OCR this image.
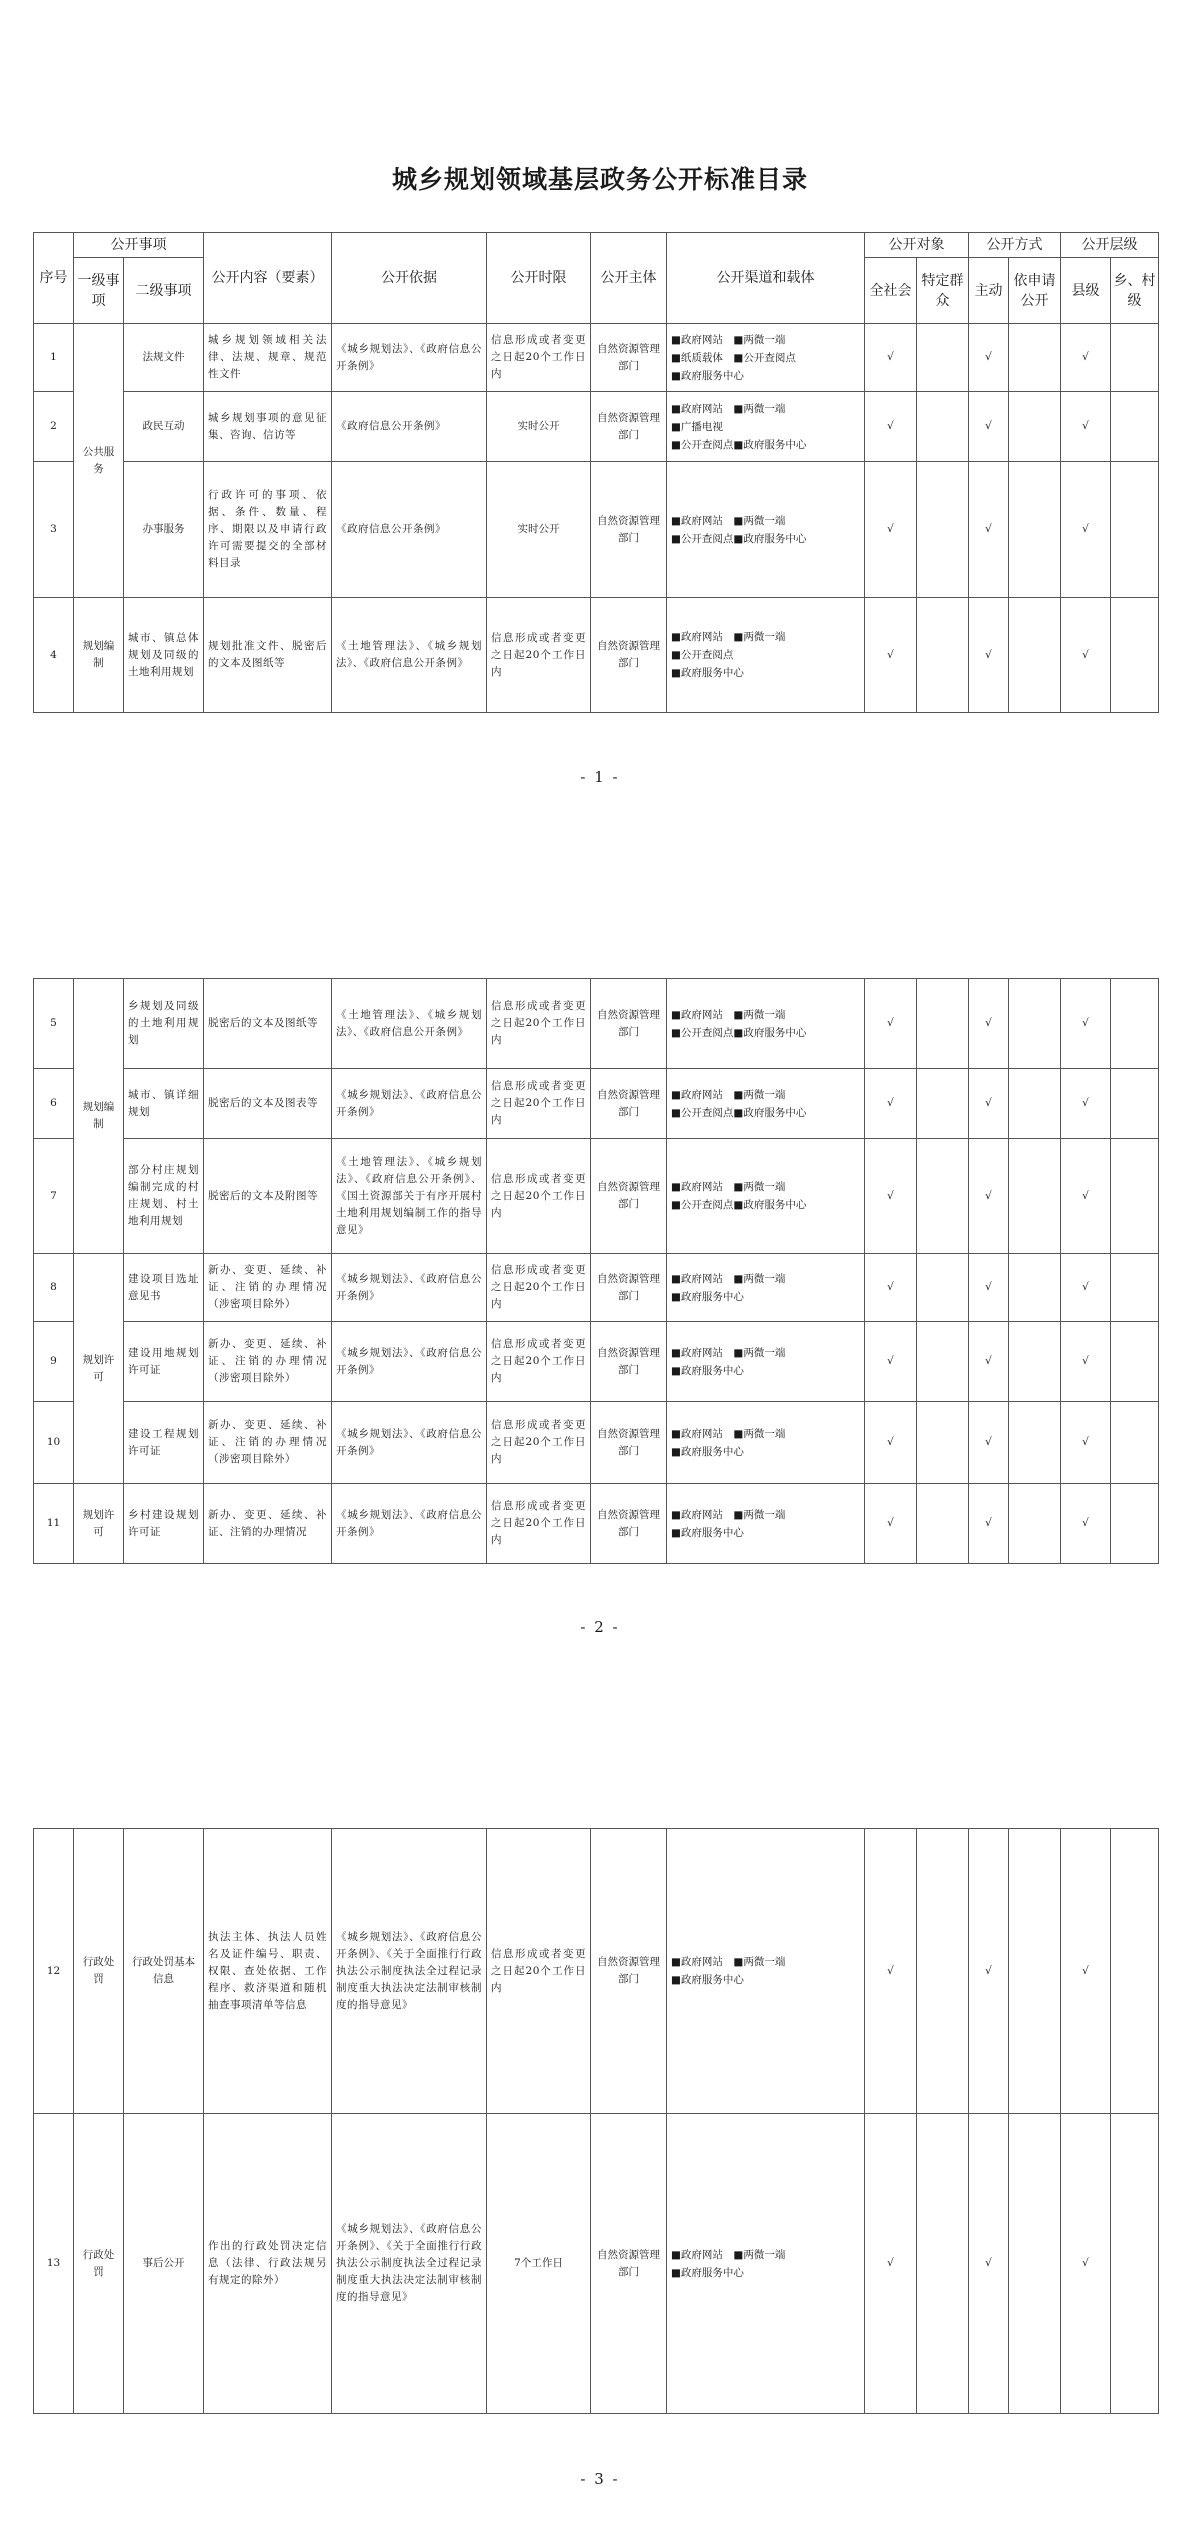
城乡规划领域基层政务公开标准目录
序号	公开事项		公开内容（要素）	公开依据	公开时限	公开主体	公开渠道和载体	公开对象		公开方式		公开层级	
	一级事项	二级事项						全社会	特定群众	主动	依申请公开	县级	乡、村级
1	公共服务	法规文件	城乡规划领域相关法律、法规、规章、规范性文件	《城乡规划法》、《政府信息公开条例》	信息形成或者变更之日起20个工作日内	自然资源管理部门	■政府网站　■两微一端
■纸质载体　■公开查阅点
■政府服务中心	√		√		√	
2		政民互动	城乡规划事项的意见征集、咨询、信访等	《政府信息公开条例》	实时公开	自然资源管理部门	■政府网站　■两微一端
■广播电视
■公开查阅点■政府服务中心	√		√		√	
3		办事服务	行政许可的事项、依据、条件、数量、程序、期限以及申请行政许可需要提交的全部材料目录	《政府信息公开条例》	实时公开	自然资源管理部门	■政府网站　■两微一端
■公开查阅点■政府服务中心	√		√		√	
4	规划编制	城市、镇总体规划及同级的土地利用规划	规划批准文件、脱密后的文本及图纸等	《土地管理法》、《城乡规划法》、《政府信息公开条例》	信息形成或者变更之日起20个工作日内	自然资源管理部门	■政府网站　■两微一端
■公开查阅点
■政府服务中心	√		√		√	
- 1 -
5	规划编制	乡规划及同级的土地利用规划	脱密后的文本及图纸等	《土地管理法》、《城乡规划法》、《政府信息公开条例》	信息形成或者变更之日起20个工作日内	自然资源管理部门	■政府网站　■两微一端
■公开查阅点■政府服务中心	√		√		√	
6		城市、镇详细规划	脱密后的文本及图表等	《城乡规划法》、《政府信息公开条例》	信息形成或者变更之日起20个工作日内	自然资源管理部门	■政府网站　■两微一端
■公开查阅点■政府服务中心	√		√		√	
7		部分村庄规划编制完成的村庄规划、村土地利用规划	脱密后的文本及附图等	《土地管理法》、《城乡规划法》、《政府信息公开条例》、《国土资源部关于有序开展村土地利用规划编制工作的指导意见》	信息形成或者变更之日起20个工作日内	自然资源管理部门	■政府网站　■两微一端
■公开查阅点■政府服务中心	√		√		√	
8	规划许可	建设项目选址意见书	新办、变更、延续、补证、注销的办理情况（涉密项目除外）	《城乡规划法》、《政府信息公开条例》	信息形成或者变更之日起20个工作日内	自然资源管理部门	■政府网站　■两微一端
■政府服务中心	√		√		√	
9		建设用地规划许可证	新办、变更、延续、补证、注销的办理情况（涉密项目除外）	《城乡规划法》、《政府信息公开条例》	信息形成或者变更之日起20个工作日内	自然资源管理部门	■政府网站　■两微一端
■政府服务中心	√		√		√	
10		建设工程规划许可证	新办、变更、延续、补证、注销的办理情况（涉密项目除外）	《城乡规划法》、《政府信息公开条例》	信息形成或者变更之日起20个工作日内	自然资源管理部门	■政府网站　■两微一端
■政府服务中心	√		√		√	
11	规划许可	乡村建设规划许可证	新办、变更、延续、补证、注销的办理情况	《城乡规划法》、《政府信息公开条例》	信息形成或者变更之日起20个工作日内	自然资源管理部门	■政府网站　■两微一端
■政府服务中心	√		√		√	
- 2 -
12	行政处罚	行政处罚基本信息	执法主体、执法人员姓名及证件编号、职责、权限、查处依据、工作程序、救济渠道和随机抽查事项清单等信息	《城乡规划法》、《政府信息公开条例》、《关于全面推行行政执法公示制度执法全过程记录制度重大执法决定法制审核制度的指导意见》	信息形成或者变更之日起20个工作日内	自然资源管理部门	■政府网站　■两微一端
■政府服务中心	√		√		√	
13	行政处罚	事后公开	作出的行政处罚决定信息（法律、行政法规另有规定的除外）	《城乡规划法》、《政府信息公开条例》、《关于全面推行行政执法公示制度执法全过程记录制度重大执法决定法制审核制度的指导意见》	7个工作日	自然资源管理部门	■政府网站　■两微一端
■政府服务中心	√		√		√	
- 3 -
